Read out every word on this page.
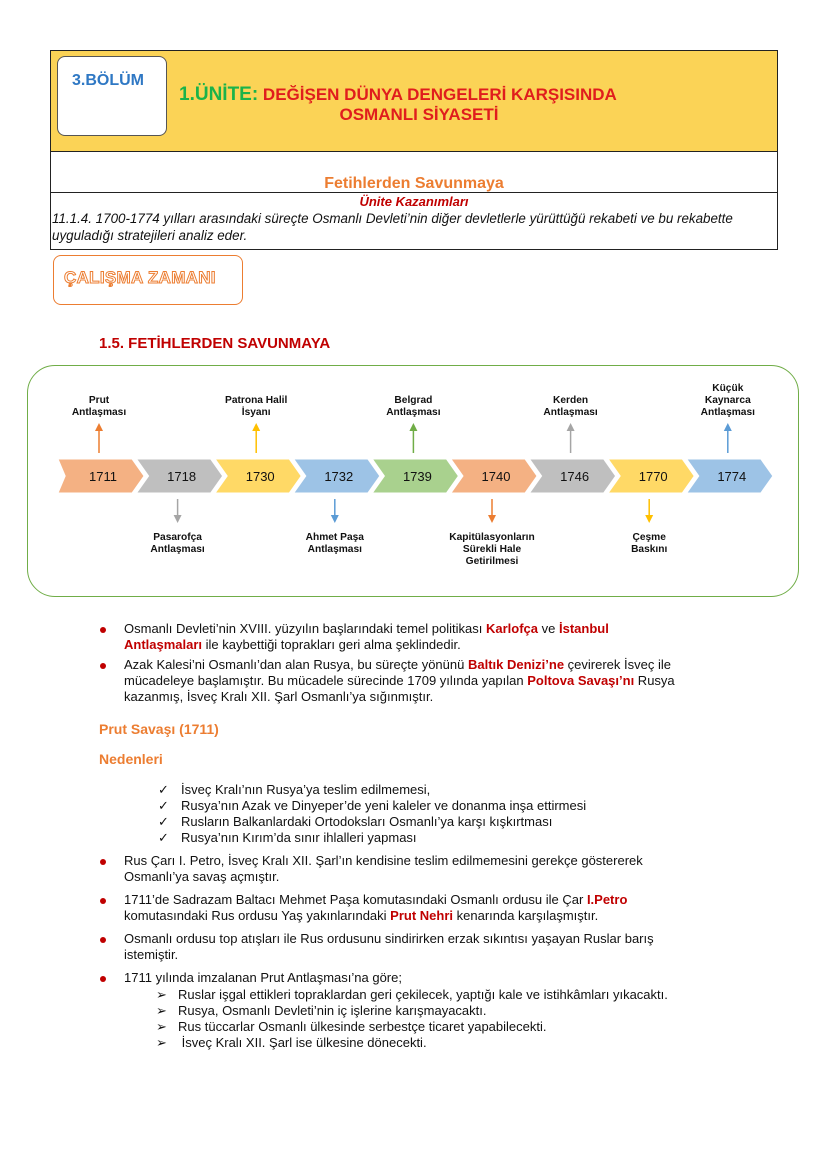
3.BÖLÜM
1.ÜNİTE: DEĞİŞEN DÜNYA DENGELERİ KARŞISINDA
OSMANLI SİYASETİ
Fetihlerden Savunmaya
Ünite Kazanımları
11.1.4. 1700-1774 yılları arasındaki süreçte Osmanlı Devleti’nin diğer devletlerle yürüttüğü rekabeti ve bu rekabette uyguladığı stratejileri analiz eder.
ÇALIŞMA ZAMANI
1.5. FETİHLERDEN SAVUNMAYA
1711	1718	1730	1732	1739	1740	1746	1770	1774
Prut
Antlaşması
Pasarofça
Antlaşması
Patrona Halil
İsyanı
Ahmet Paşa
Antlaşması
Belgrad
Antlaşması
Kapitülasyonların
Sürekli Hale
Getirilmesi
Kerden
Antlaşması
Çeşme
Baskını
Küçük
Kaynarca
Antlaşması
Osmanlı Devleti’nin XVIII. yüzyılın başlarındaki temel politikası Karlofça ve İstanbul
Antlaşmaları ile kaybettiği toprakları geri alma şeklindedir.
Azak Kalesi’ni Osmanlı’dan alan Rusya, bu süreçte yönünü Baltık Denizi’ne çevirerek İsveç ile
mücadeleye başlamıştır. Bu mücadele sürecinde 1709 yılında yapılan Poltova Savaşı’nı Rusya
kazanmış, İsveç Kralı XII. Şarl Osmanlı’ya sığınmıştır.
Prut Savaşı (1711)
Nedenleri
✓ İsveç Kralı’nın Rusya’ya teslim edilmemesi,
✓ Rusya’nın Azak ve Dinyeper’de yeni kaleler ve donanma inşa ettirmesi
✓ Rusların Balkanlardaki Ortodoksları Osmanlı’ya karşı kışkırtması
✓ Rusya’nın Kırım’da sınır ihlalleri yapması
Rus Çarı I. Petro, İsveç Kralı XII. Şarl’ın kendisine teslim edilmemesini gerekçe göstererek
Osmanlı’ya savaş açmıştır.
1711’de Sadrazam Baltacı Mehmet Paşa komutasındaki Osmanlı ordusu ile Çar I.Petro
komutasındaki Rus ordusu Yaş yakınlarındaki Prut Nehri kenarında karşılaşmıştır.
Osmanlı ordusu top atışları ile Rus ordusunu sindirirken erzak sıkıntısı yaşayan Ruslar barış
istemiştir.
1711 yılında imzalanan Prut Antlaşması’na göre;
➢ Ruslar işgal ettikleri topraklardan geri çekilecek, yaptığı kale ve istihkâmları yıkacaktı.
➢ Rusya, Osmanlı Devleti’nin iç işlerine karışmayacaktı.
➢ Rus tüccarlar Osmanlı ülkesinde serbestçe ticaret yapabilecekti.
➢ İsveç Kralı XII. Şarl ise ülkesine dönecekti.
